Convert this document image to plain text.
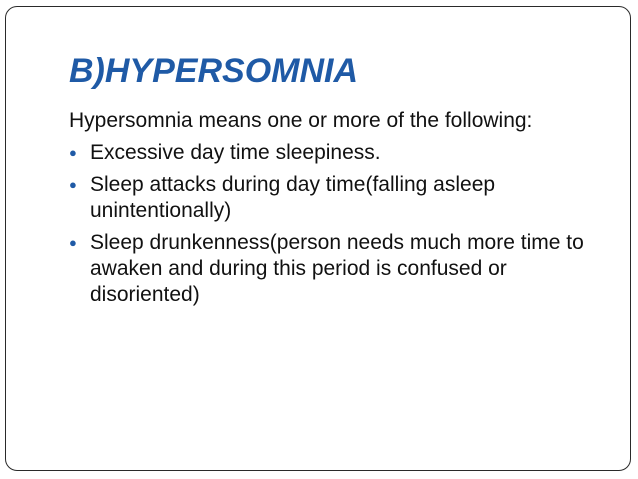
B)HYPERSOMNIA

Hypersomnia means one or more of the following:

● Excessive day time sleepiness.
● Sleep attacks during day time(falling asleep unintentionally)
● Sleep drunkenness(person needs much more time to awaken and during this period is confused or disoriented)
